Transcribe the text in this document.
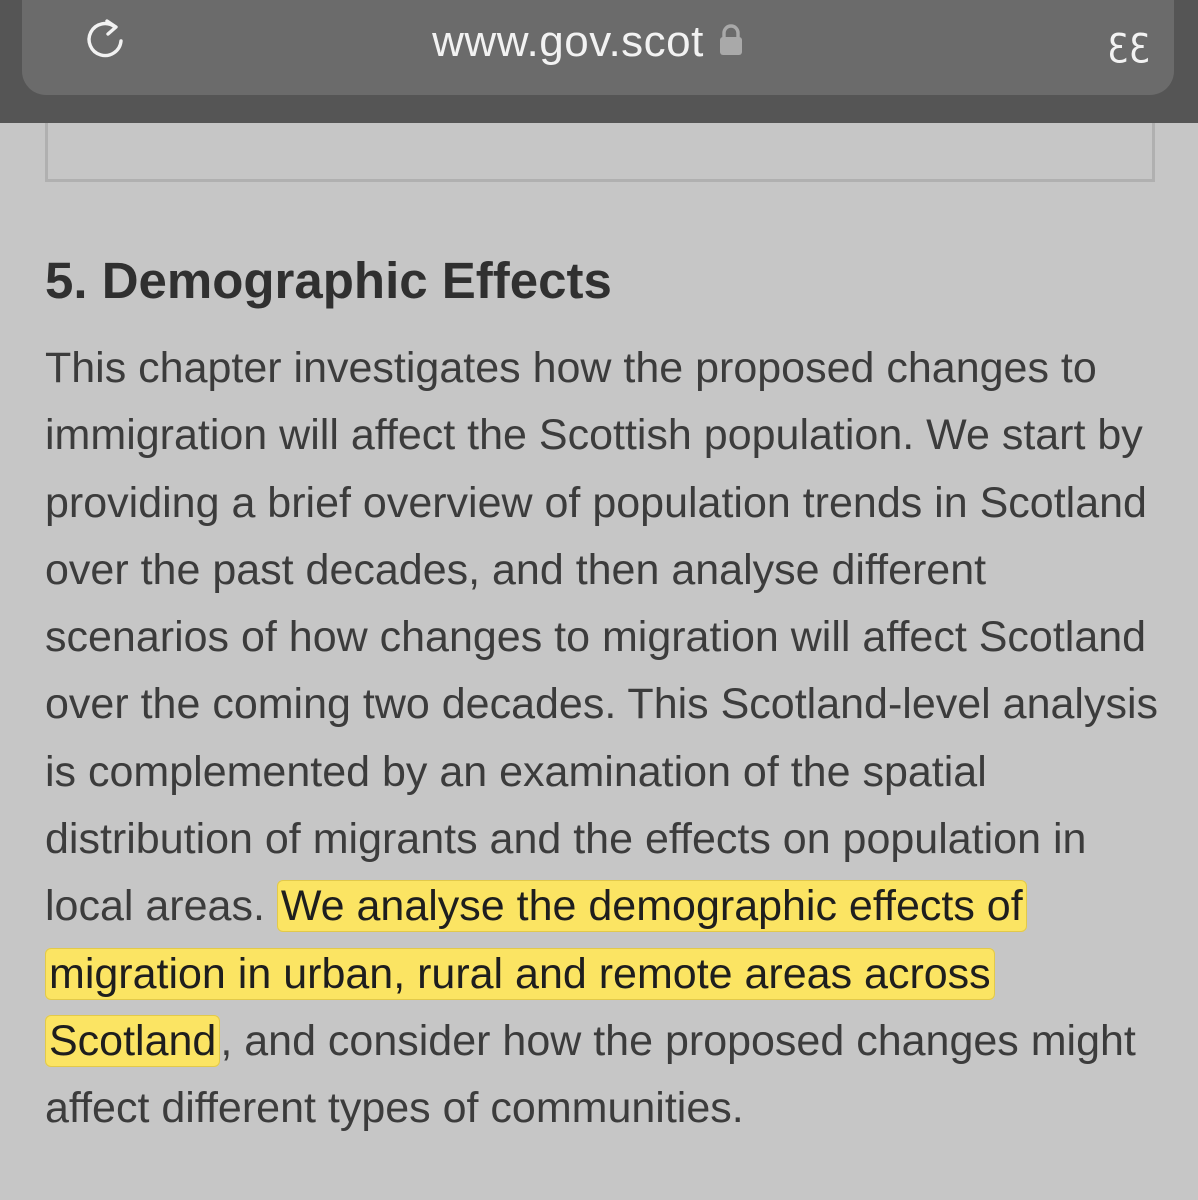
www.gov.scot	ꜫꜫ
5. Demographic Effects

This chapter investigates how the proposed changes to immigration will affect the Scottish population. We start by providing a brief overview of population trends in Scotland over the past decades, and then analyse different scenarios of how changes to migration will affect Scotland over the coming two decades. This Scotland-level analysis is complemented by an examination of the spatial distribution of migrants and the effects on population in local areas. We analyse the demographic effects of migration in urban, rural and remote areas across Scotland, and consider how the proposed changes might affect different types of communities.
